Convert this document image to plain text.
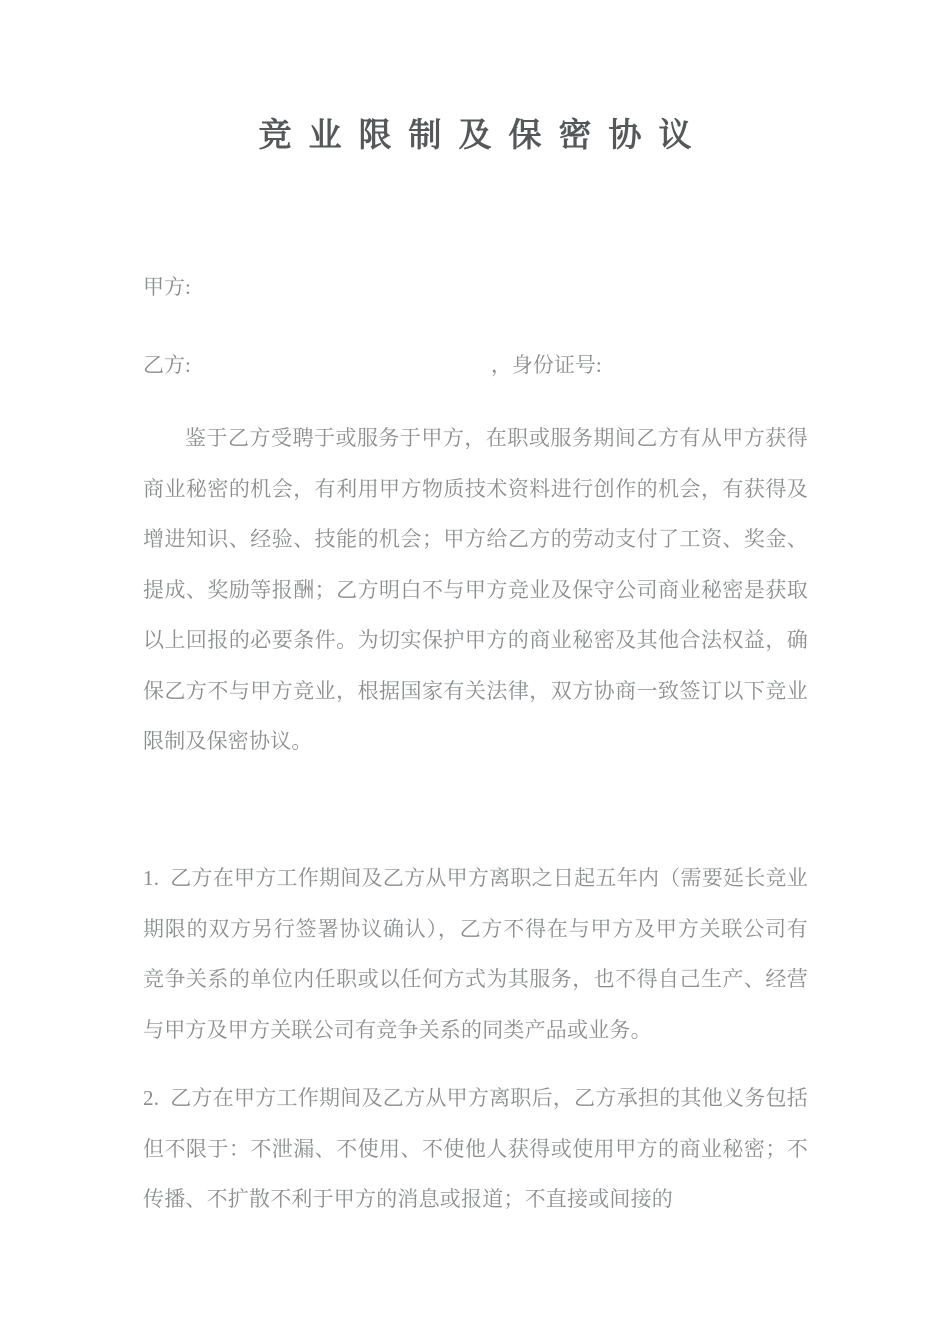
竞业限制及保密协议
甲方:
乙方:	，身份证号:

鉴于乙方受聘于或服务于甲方，在职或服务期间乙方有从甲方获得商业秘密的机会，有利用甲方物质技术资料进行创作的机会，有获得及增进知识、经验、技能的机会；甲方给乙方的劳动支付了工资、奖金、提成、奖励等报酬；乙方明白不与甲方竞业及保守公司商业秘密是获取以上回报的必要条件。为切实保护甲方的商业秘密及其他合法权益，确保乙方不与甲方竞业，根据国家有关法律，双方协商一致签订以下竞业限制及保密协议。

1. 乙方在甲方工作期间及乙方从甲方离职之日起五年内（需要延长竞业期限的双方另行签署协议确认），乙方不得在与甲方及甲方关联公司有竞争关系的单位内任职或以任何方式为其服务，也不得自己生产、经营与甲方及甲方关联公司有竞争关系的同类产品或业务。

2. 乙方在甲方工作期间及乙方从甲方离职后，乙方承担的其他义务包括但不限于：不泄漏、不使用、不使他人获得或使用甲方的商业秘密；不传播、不扩散不利于甲方的消息或报道；不直接或间接的
